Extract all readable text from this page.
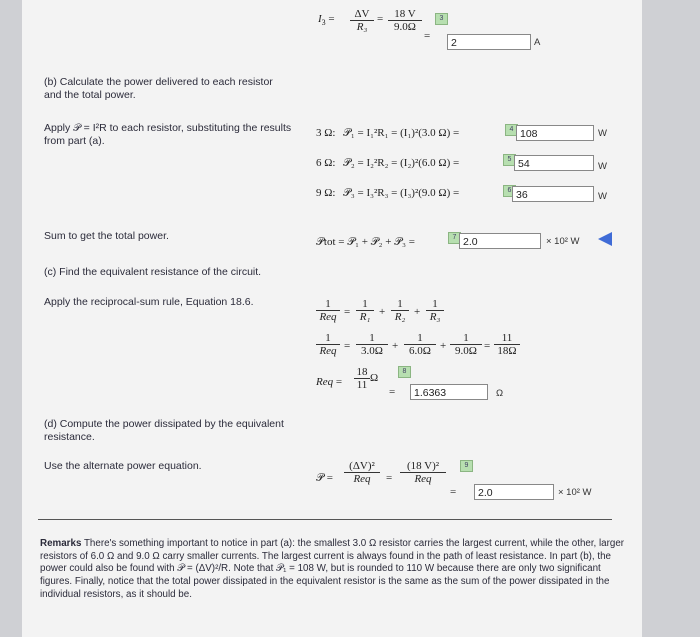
$I_3 = \frac{\Delta V}{\text{R₃}} = \frac{18 V}{9.0\Omega}$
=
3
2	A
(b) Calculate the power delivered to each resistor and the total power.
Apply 𝒫 = I²R to each resistor, substituting the results from part (a).
3 Ω: 𝒫₁ = I₁²R₁ = (I₁)²(3.0 Ω) =	4 108	W
6 Ω: 𝒫₂ = I₂²R₂ = (I₂)²(6.0 Ω) =	5 54	W
9 Ω: 𝒫₃ = I₃²R₃ = (I₃)²(9.0 Ω) =	6 36	W
Sum to get the total power.	𝒫tot = 𝒫₁ + 𝒫₂ + 𝒫₃ =	7 2.0	× 10² W
(c) Find the equivalent resistance of the circuit.
Apply the reciprocal-sum rule, Equation 18.6.	1
Req = $\frac{1}{\text{R₁}} + \frac{1}{\text{R₂}} + \frac{1}{\text{R₃}}$
1
Req = $\frac{1}{3.0\Omega} + \frac{1}{6.0\Omega} + \frac{1}{9.0\Omega} = \frac{11}{18\Omega}$
Req = $\frac{18}{11}$ Ω
8
=	1.6363	Ω
(d) Compute the power dissipated by the equivalent resistance.
Use the alternate power equation.
𝒫 =
(ΔV)²
Req	=
(18 V)²
Req
9
=	2.0	× 10² W
Remarks There's something important to notice in part (a): the smallest 3.0 Ω resistor carries the largest current, while the other, larger resistors of 6.0 Ω and 9.0 Ω carry smaller currents. The largest current is always found in the path of least resistance. In part (b), the power could also be found with 𝒫 = (ΔV)²/R. Note that 𝒫₁ = 108 W, but is rounded to 110 W because there are only two significant figures. Finally, notice that the total power dissipated in the equivalent resistor is the same as the sum of the power dissipated in the individual resistors, as it should be.
